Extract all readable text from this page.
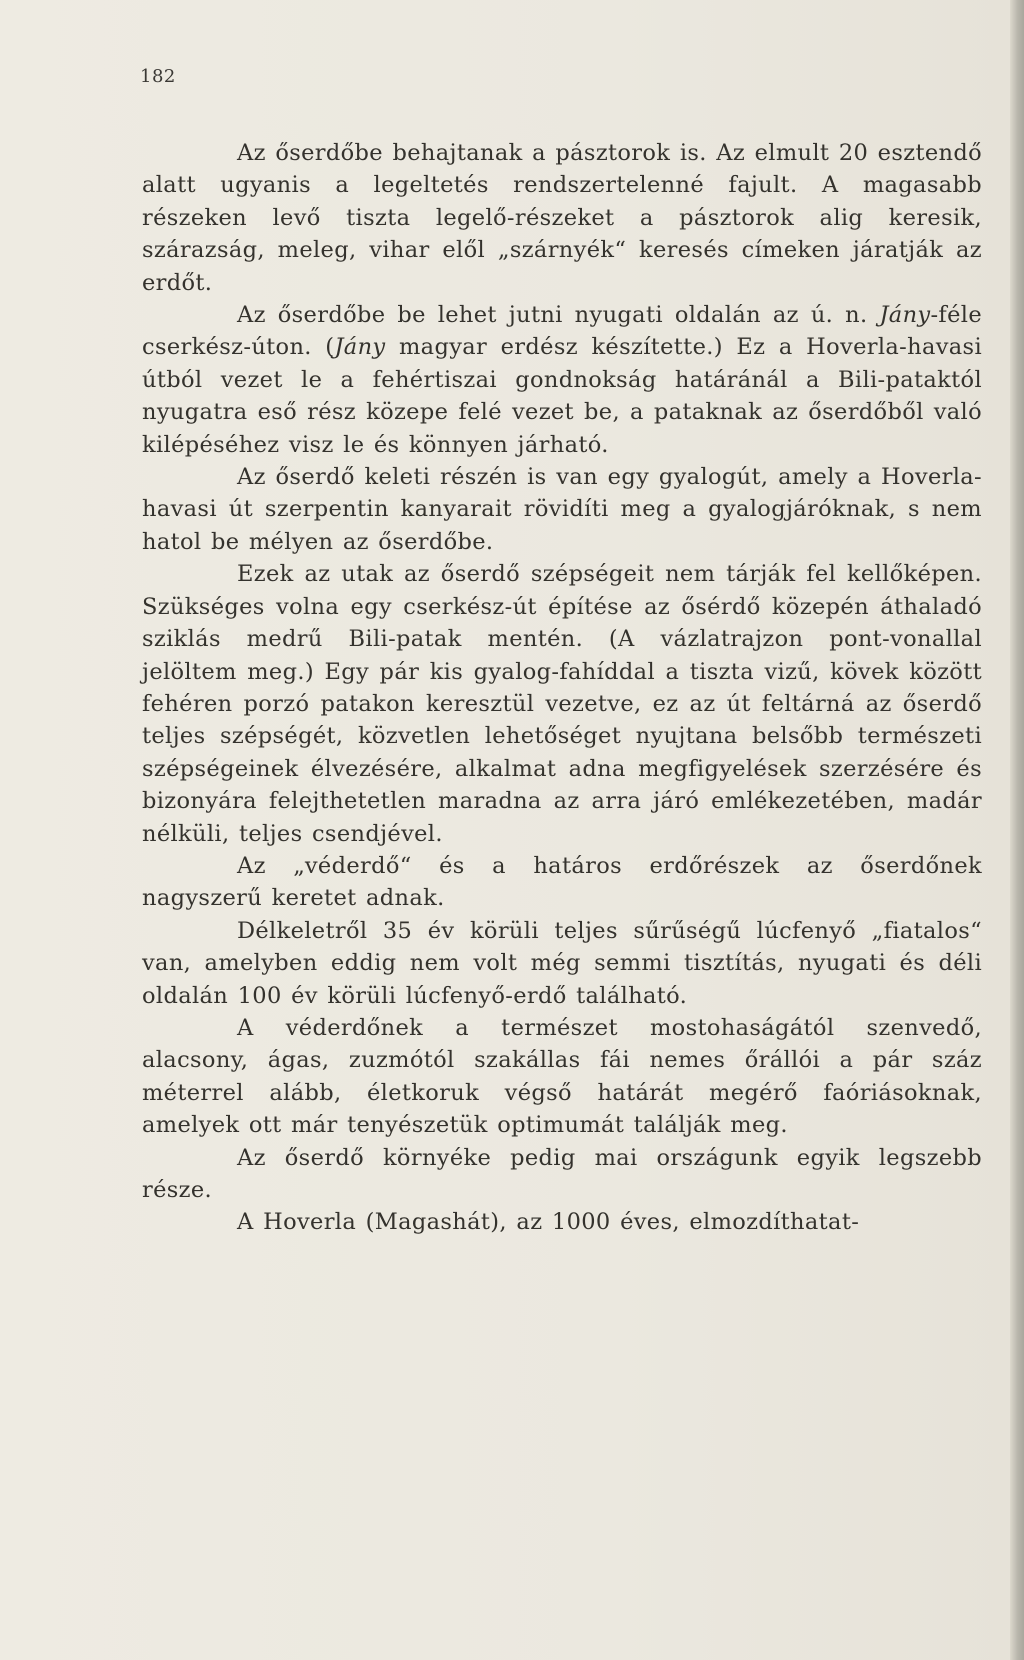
182

Az őserdőbe behajtanak a pásztorok is. Az elmult 20 esztendő alatt ugyanis a legeltetés rendszertelenné fajult. A magasabb részeken levő tiszta legelő-részeket a pásztorok alig keresik, szárazság, meleg, vihar elől „szárnyék“ keresés címeken járatják az erdőt.

Az őserdőbe be lehet jutni nyugati oldalán az ú. n. Jány-féle cserkész-úton. (Jány magyar erdész készítette.) Ez a Hoverla-havasi útból vezet le a fehértiszai gondnokság határánál a Bili-pataktól nyugatra eső rész közepe felé vezet be, a pataknak az őserdőből való kilépéséhez visz le és könnyen járható.

Az őserdő keleti részén is van egy gyalogút, amely a Hoverla-havasi út szerpentin kanyarait rövidíti meg a gyalogjáróknak, s nem hatol be mélyen az őserdőbe.

Ezek az utak az őserdő szépségeit nem tárják fel kellőképen. Szükséges volna egy cserkész-út építése az ősérdő közepén áthaladó sziklás medrű Bili-patak mentén. (A vázlatrajzon pont-vonallal jelöltem meg.) Egy pár kis gyalog-fahíddal a tiszta vizű, kövek között fehéren porzó patakon keresztül vezetve, ez az út feltárná az őserdő teljes szépségét, közvetlen lehetőséget nyujtana belsőbb természeti szépségeinek élvezésére, alkalmat adna megfigyelések szerzésére és bizonyára felejthetetlen maradna az arra járó emlékezetében, madár nélküli, teljes csendjével.

Az „véderdő“ és a határos erdőrészek az őserdőnek nagyszerű keretet adnak.

Délkeletről 35 év körüli teljes sűrűségű lúcfenyő „fiatalos“ van, amelyben eddig nem volt még semmi tisztítás, nyugati és déli oldalán 100 év körüli lúcfenyő-erdő található.

A véderdőnek a természet mostohaságától szenvedő, alacsony, ágas, zuzmótól szakállas fái nemes őrállói a pár száz méterrel alább, életkoruk végső határát megérő faóriásoknak, amelyek ott már tenyészetük optimumát találják meg.

Az őserdő környéke pedig mai országunk egyik legszebb része.

A Hoverla (Magashát), az 1000 éves, elmozdíthatat-
